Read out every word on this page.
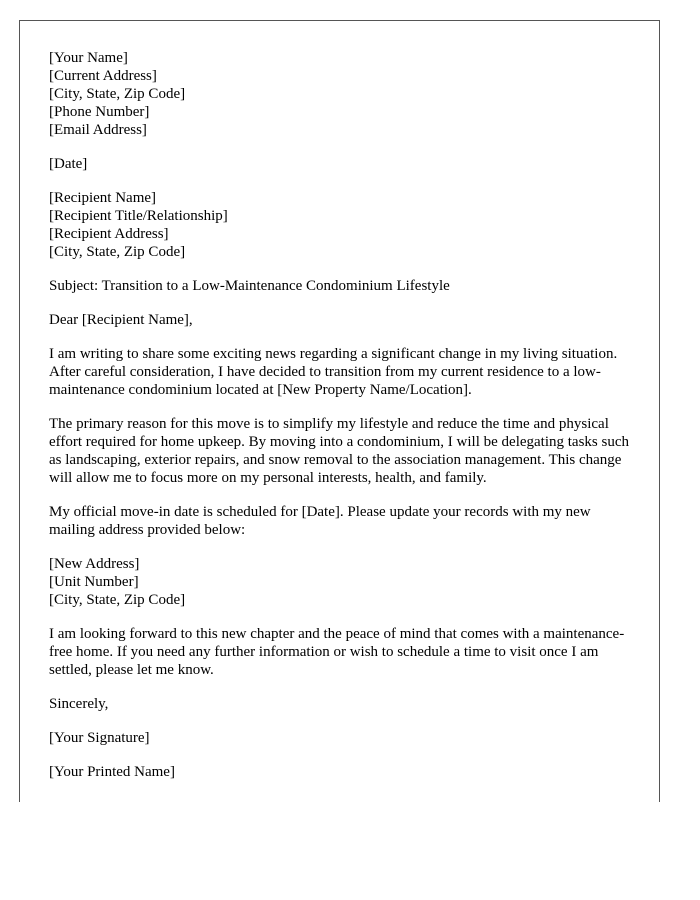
[Your Name]
[Current Address]
[City, State, Zip Code]
[Phone Number]
[Email Address]
[Date]
[Recipient Name]
[Recipient Title/Relationship]
[Recipient Address]
[City, State, Zip Code]

Subject: Transition to a Low-Maintenance Condominium Lifestyle

Dear [Recipient Name],

I am writing to share some exciting news regarding a significant change in my living situation. After careful consideration, I have decided to transition from my current residence to a low-maintenance condominium located at [New Property Name/Location].

The primary reason for this move is to simplify my lifestyle and reduce the time and physical effort required for home upkeep. By moving into a condominium, I will be delegating tasks such as landscaping, exterior repairs, and snow removal to the association management. This change will allow me to focus more on my personal interests, health, and family.

My official move-in date is scheduled for [Date]. Please update your records with my new mailing address provided below:

[New Address]
[Unit Number]
[City, State, Zip Code]

I am looking forward to this new chapter and the peace of mind that comes with a maintenance-free home. If you need any further information or wish to schedule a time to visit once I am settled, please let me know.

Sincerely,

[Your Signature]

[Your Printed Name]
